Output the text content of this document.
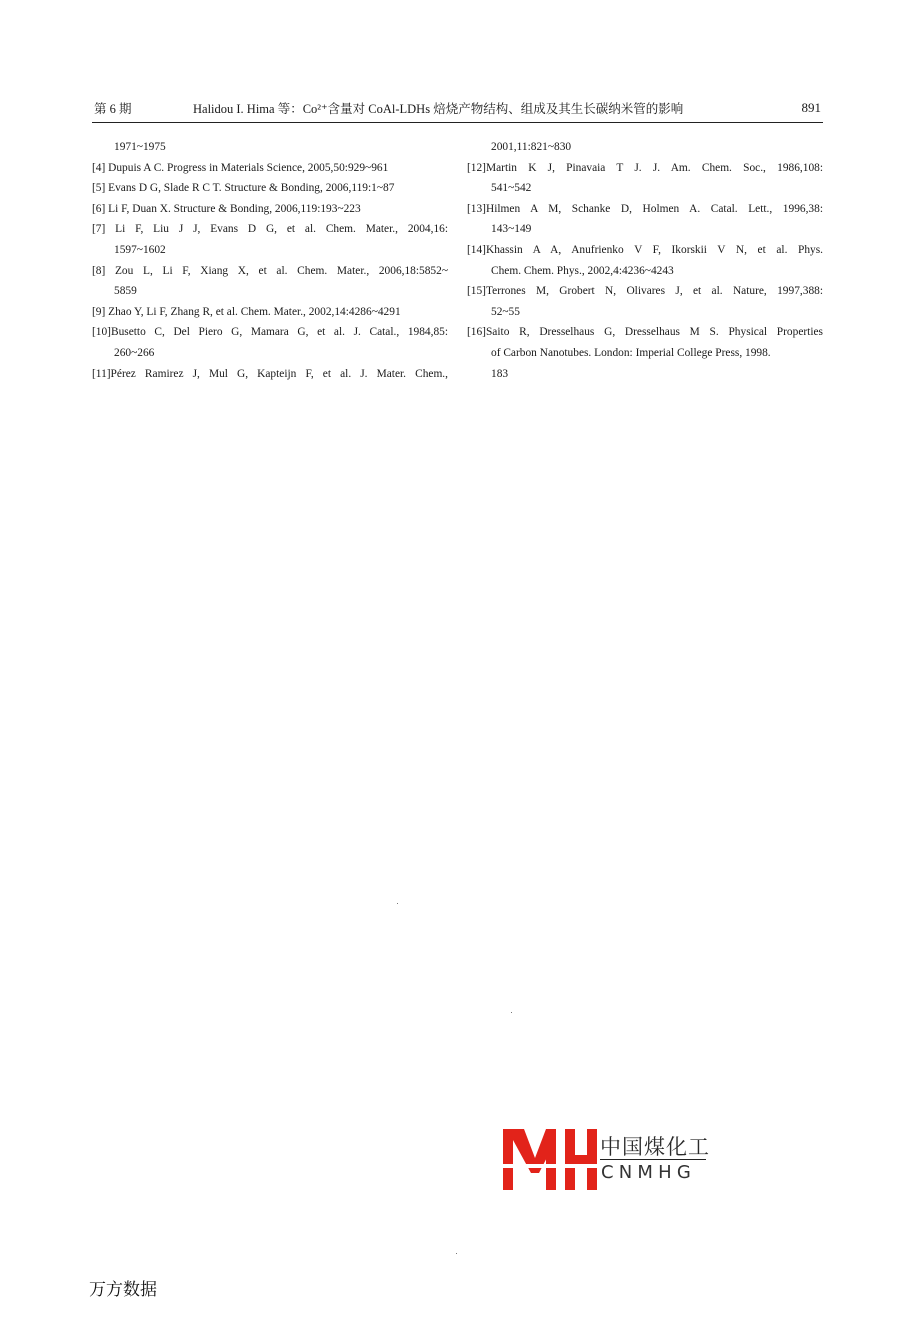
第 6 期	Halidou I. Hima 等：Co²⁺含量对 CoAl-LDHs 焙烧产物结构、组成及其生长碳纳米管的影响	891
1971~1975
[4] Dupuis A C. Progress in Materials Science, 2005,50:929~961
[5] Evans D G, Slade R C T. Structure & Bonding, 2006,119:1~87
[6] Li F, Duan X. Structure & Bonding, 2006,119:193~223
[7] Li F, Liu J J, Evans D G, et al. Chem. Mater., 2004,16:
1597~1602
[8] Zou L, Li F, Xiang X, et al. Chem. Mater., 2006,18:5852~
5859
[9] Zhao Y, Li F, Zhang R, et al. Chem. Mater., 2002,14:4286~4291
[10]Busetto C, Del Piero G, Mamara G, et al. J. Catal., 1984,85:
260~266
[11]Pérez Ramirez J, Mul G, Kapteijn F, et al. J. Mater. Chem.,
2001,11:821~830
[12]Martin K J, Pinavaia T J. J. Am. Chem. Soc., 1986,108:
541~542
[13]Hilmen A M, Schanke D, Holmen A. Catal. Lett., 1996,38:
143~149
[14]Khassin A A, Anufrienko V F, Ikorskii V N, et al. Phys.
Chem. Chem. Phys., 2002,4:4236~4243
[15]Terrones M, Grobert N, Olivares J, et al. Nature, 1997,388:
52~55
[16]Saito R, Dresselhaus G, Dresselhaus M S. Physical Properties
of Carbon Nanotubes. London: Imperial College Press, 1998.
183
中国煤化工
CNMHG
万方数据
